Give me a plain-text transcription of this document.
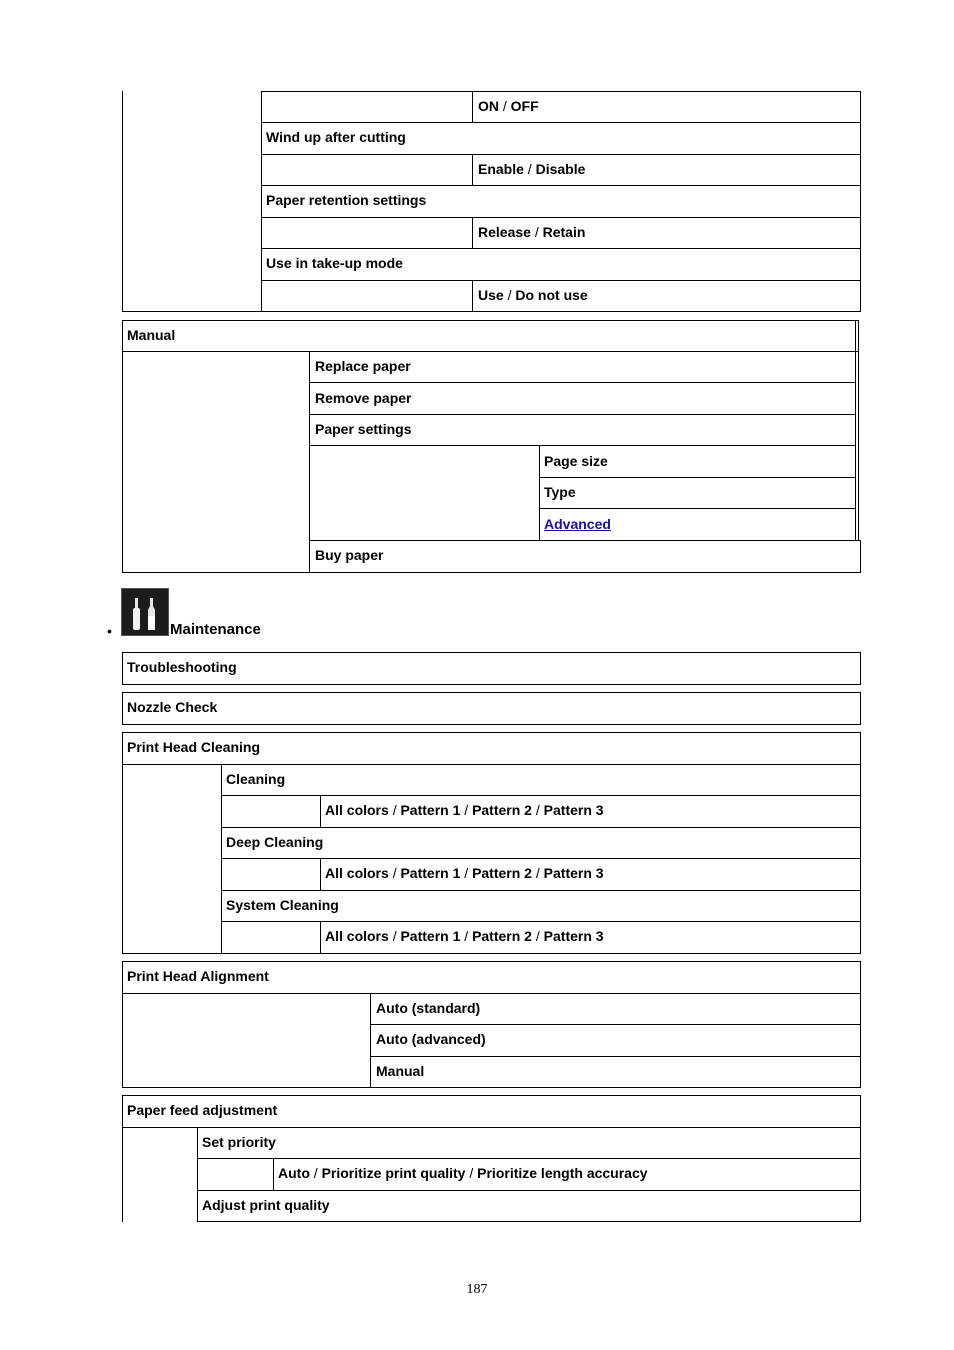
ON / OFF
Wind up after cutting
Enable / Disable
Paper retention settings
Release / Retain
Use in take-up mode
Use / Do not use
Manual
Replace paper
Remove paper
Paper settings
Page size
Type
Advanced
Buy paper
•	Maintenance
Troubleshooting
Nozzle Check
Print Head Cleaning
Cleaning
All colors / Pattern 1 / Pattern 2 / Pattern 3
Deep Cleaning
All colors / Pattern 1 / Pattern 2 / Pattern 3
System Cleaning
All colors / Pattern 1 / Pattern 2 / Pattern 3
Print Head Alignment
Auto (standard)
Auto (advanced)
Manual
Paper feed adjustment
Set priority
Auto / Prioritize print quality / Prioritize length accuracy
Adjust print quality
187
